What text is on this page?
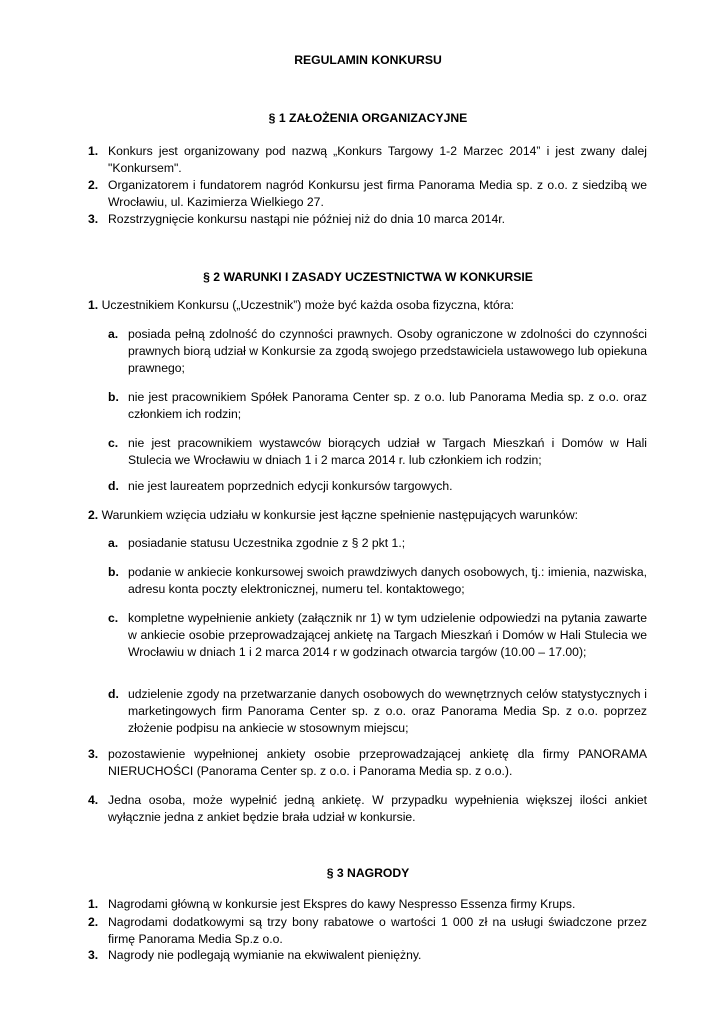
REGULAMIN KONKURSU
§ 1 ZAŁOŻENIA ORGANIZACYJNE
1. Konkurs jest organizowany pod nazwą „Konkurs Targowy 1-2 Marzec 2014” i jest zwany dalej "Konkursem".

2. Organizatorem i fundatorem nagród Konkursu jest firma Panorama Media sp. z o.o. z siedzibą we Wrocławiu, ul. Kazimierza Wielkiego 27.

3. Rozstrzygnięcie konkursu nastąpi nie później niż do dnia 10 marca 2014r.

§ 2 WARUNKI I ZASADY UCZESTNICTWA W KONKURSIE

1. Uczestnikiem Konkursu („Uczestnik”) może być każda osoba fizyczna, która:

a. posiada pełną zdolność do czynności prawnych. Osoby ograniczone w zdolności do czynności prawnych biorą udział w Konkursie za zgodą swojego przedstawiciela ustawowego lub opiekuna prawnego;

b. nie jest pracownikiem Spółek Panorama Center sp. z o.o. lub Panorama Media sp. z o.o. oraz członkiem ich rodzin;

c. nie jest pracownikiem wystawców biorących udział w Targach Mieszkań i Domów w Hali Stulecia we Wrocławiu w dniach 1 i 2 marca 2014 r. lub członkiem ich rodzin;

d. nie jest laureatem poprzednich edycji konkursów targowych.

2. Warunkiem wzięcia udziału w konkursie jest łączne spełnienie następujących warunków:

a. posiadanie statusu Uczestnika zgodnie z § 2 pkt 1.;

b. podanie w ankiecie konkursowej swoich prawdziwych danych osobowych, tj.: imienia, nazwiska, adresu konta poczty elektronicznej, numeru tel. kontaktowego;

c. kompletne wypełnienie ankiety (załącznik nr 1) w tym udzielenie odpowiedzi na pytania zawarte w ankiecie osobie przeprowadzającej ankietę na Targach Mieszkań i Domów w Hali Stulecia we Wrocławiu w dniach 1 i 2 marca 2014 r w godzinach otwarcia targów (10.00 – 17.00);

d. udzielenie zgody na przetwarzanie danych osobowych do wewnętrznych celów statystycznych i marketingowych firm Panorama Center sp. z o.o. oraz Panorama Media Sp. z o.o. poprzez złożenie podpisu na ankiecie w stosownym miejscu;

3. pozostawienie wypełnionej ankiety osobie przeprowadzającej ankietę dla firmy PANORAMA NIERUCHOŚCI (Panorama Center sp. z o.o. i Panorama Media sp. z o.o.).

4. Jedna osoba, może wypełnić jedną ankietę. W przypadku wypełnienia większej ilości ankiet wyłącznie jedna z ankiet będzie brała udział w konkursie.

§ 3 NAGRODY
1. Nagrodami główną w konkursie jest Ekspres do kawy Nespresso Essenza firmy Krups.

2. Nagrodami dodatkowymi są trzy bony rabatowe o wartości 1 000 zł na usługi świadczone przez firmę Panorama Media Sp.z o.o.

3. Nagrody nie podlegają wymianie na ekwiwalent pieniężny.
